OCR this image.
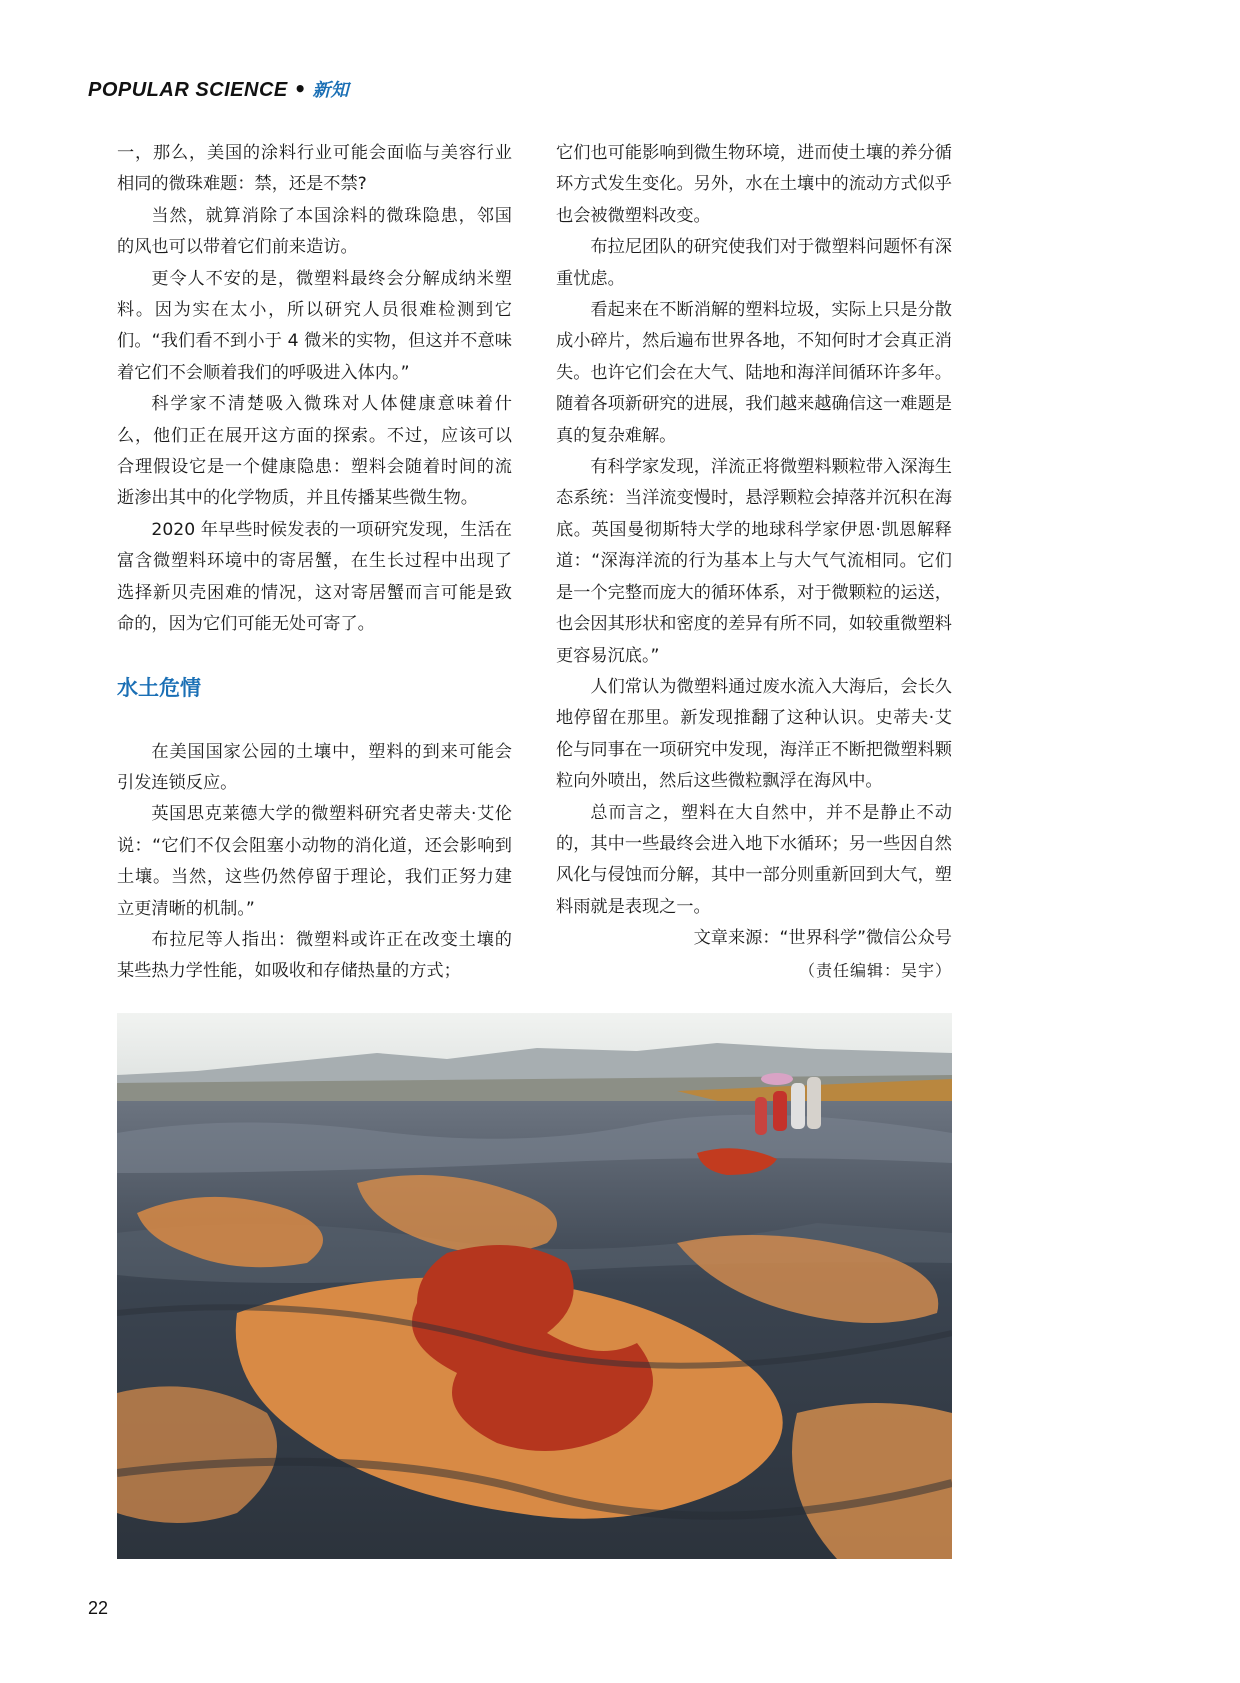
POPULAR SCIENCE • 新知

一，那么，美国的涂料行业可能会面临与美容行业相同的微珠难题：禁，还是不禁?

当然，就算消除了本国涂料的微珠隐患，邻国的风也可以带着它们前来造访。

更令人不安的是，微塑料最终会分解成纳米塑料。因为实在太小，所以研究人员很难检测到它们。“我们看不到小于 4 微米的实物，但这并不意味着它们不会顺着我们的呼吸进入体内。”

科学家不清楚吸入微珠对人体健康意味着什么，他们正在展开这方面的探索。不过，应该可以合理假设它是一个健康隐患：塑料会随着时间的流逝渗出其中的化学物质，并且传播某些微生物。

2020 年早些时候发表的一项研究发现，生活在富含微塑料环境中的寄居蟹，在生长过程中出现了选择新贝壳困难的情况，这对寄居蟹而言可能是致命的，因为它们可能无处可寄了。

水土危情

在美国国家公园的土壤中，塑料的到来可能会引发连锁反应。

英国思克莱德大学的微塑料研究者史蒂夫·艾伦说：“它们不仅会阻塞小动物的消化道，还会影响到土壤。当然，这些仍然停留于理论，我们正努力建立更清晰的机制。”

布拉尼等人指出：微塑料或许正在改变土壤的某些热力学性能，如吸收和存储热量的方式；

它们也可能影响到微生物环境，进而使土壤的养分循环方式发生变化。另外，水在土壤中的流动方式似乎也会被微塑料改变。

布拉尼团队的研究使我们对于微塑料问题怀有深重忧虑。

看起来在不断消解的塑料垃圾，实际上只是分散成小碎片，然后遍布世界各地，不知何时才会真正消失。也许它们会在大气、陆地和海洋间循环许多年。随着各项新研究的进展，我们越来越确信这一难题是真的复杂难解。

有科学家发现，洋流正将微塑料颗粒带入深海生态系统：当洋流变慢时，悬浮颗粒会掉落并沉积在海底。英国曼彻斯特大学的地球科学家伊恩·凯恩解释道：“深海洋流的行为基本上与大气气流相同。它们是一个完整而庞大的循环体系，对于微颗粒的运送，也会因其形状和密度的差异有所不同，如较重微塑料更容易沉底。”

人们常认为微塑料通过废水流入大海后，会长久地停留在那里。新发现推翻了这种认识。史蒂夫·艾伦与同事在一项研究中发现，海洋正不断把微塑料颗粒向外喷出，然后这些微粒飘浮在海风中。

总而言之，塑料在大自然中，并不是静止不动的，其中一些最终会进入地下水循环；另一些因自然风化与侵蚀而分解，其中一部分则重新回到大气，塑料雨就是表现之一。

文章来源：“世界科学”微信公众号

（责任编辑：吴宇）

22
